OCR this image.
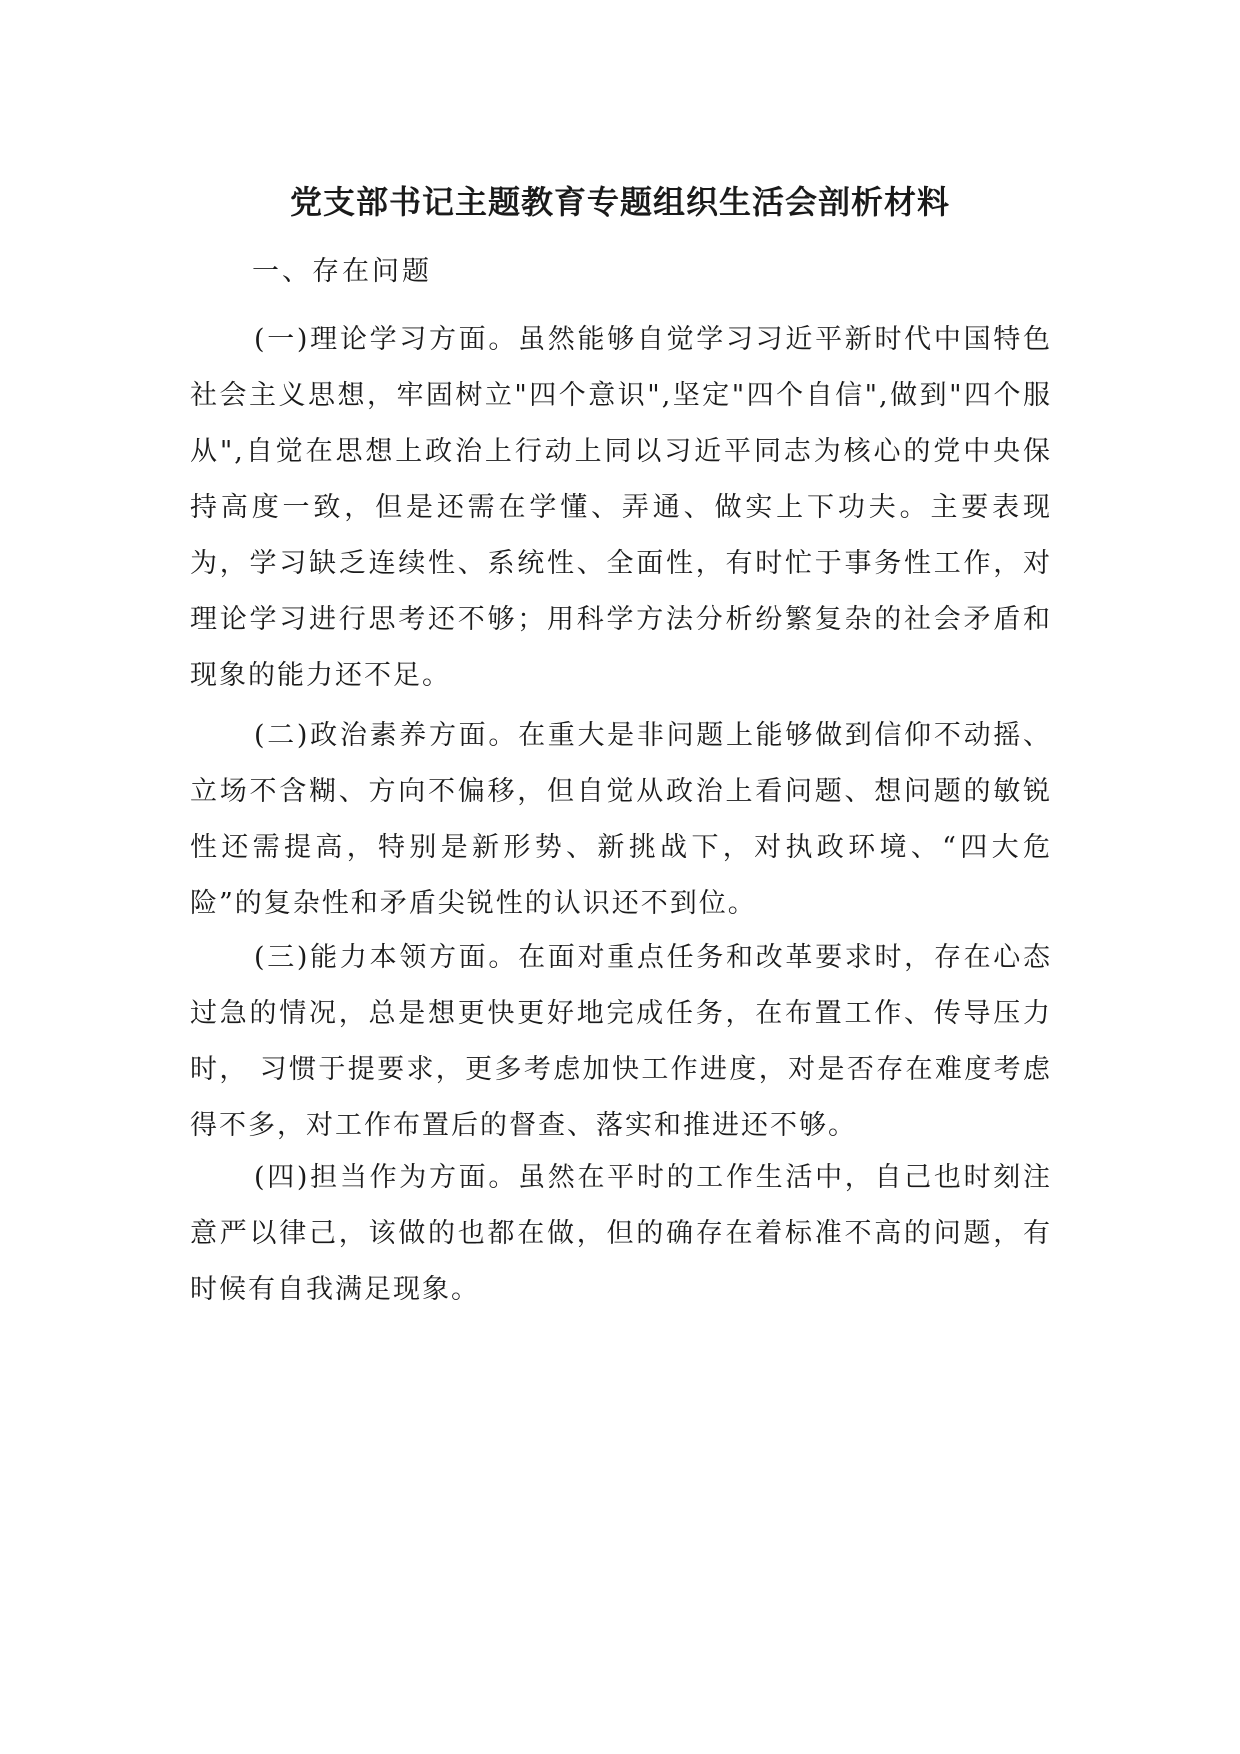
党支部书记主题教育专题组织生活会剖析材料

一、存在问题

(一)理论学习方面。虽然能够自觉学习习近平新时代中国特色社会主义思想，牢固树立"四个意识",坚定"四个自信",做到"四个服从",自觉在思想上政治上行动上同以习近平同志为核心的党中央保持高度一致，但是还需在学懂、弄通、做实上下功夫。主要表现为，学习缺乏连续性、系统性、全面性，有时忙于事务性工作，对理论学习进行思考还不够；用科学方法分析纷繁复杂的社会矛盾和现象的能力还不足。

(二)政治素养方面。在重大是非问题上能够做到信仰不动摇、立场不含糊、方向不偏移，但自觉从政治上看问题、想问题的敏锐性还需提高，特别是新形势、新挑战下，对执政环境、“四大危险”的复杂性和矛盾尖锐性的认识还不到位。

(三)能力本领方面。在面对重点任务和改革要求时，存在心态过急的情况，总是想更快更好地完成任务，在布置工作、传导压力时， 习惯于提要求，更多考虑加快工作进度，对是否存在难度考虑得不多，对工作布置后的督查、落实和推进还不够。

(四)担当作为方面。虽然在平时的工作生活中，自己也时刻注意严以律己，该做的也都在做，但的确存在着标准不高的问题，有时候有自我满足现象。
